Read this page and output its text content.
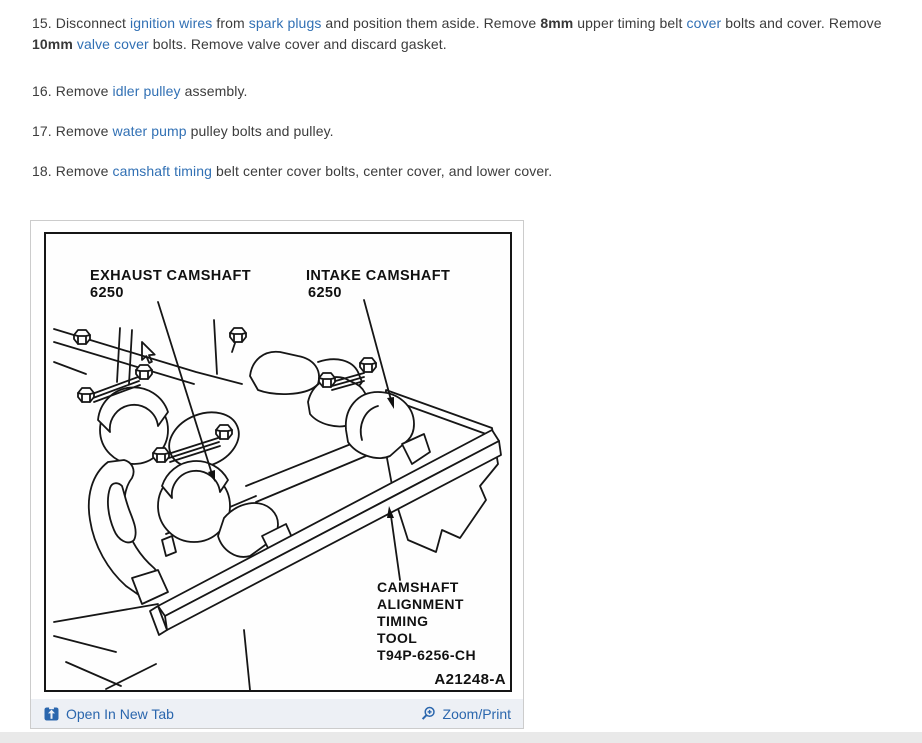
15. Disconnect ignition wires from spark plugs and position them aside. Remove 8mm upper timing belt cover bolts and cover. Remove
10mm valve cover bolts. Remove valve cover and discard gasket.
16. Remove idler pulley assembly.
17. Remove water pump pulley bolts and pulley.
18. Remove camshaft timing belt center cover bolts, center cover, and lower cover.
EXHAUST CAMSHAFT
6250
INTAKE CAMSHAFT
6250
CAMSHAFT
ALIGNMENT
TIMING
TOOL
T94P-6256-CH
A21248-A
Open In New Tab	Zoom/Print
